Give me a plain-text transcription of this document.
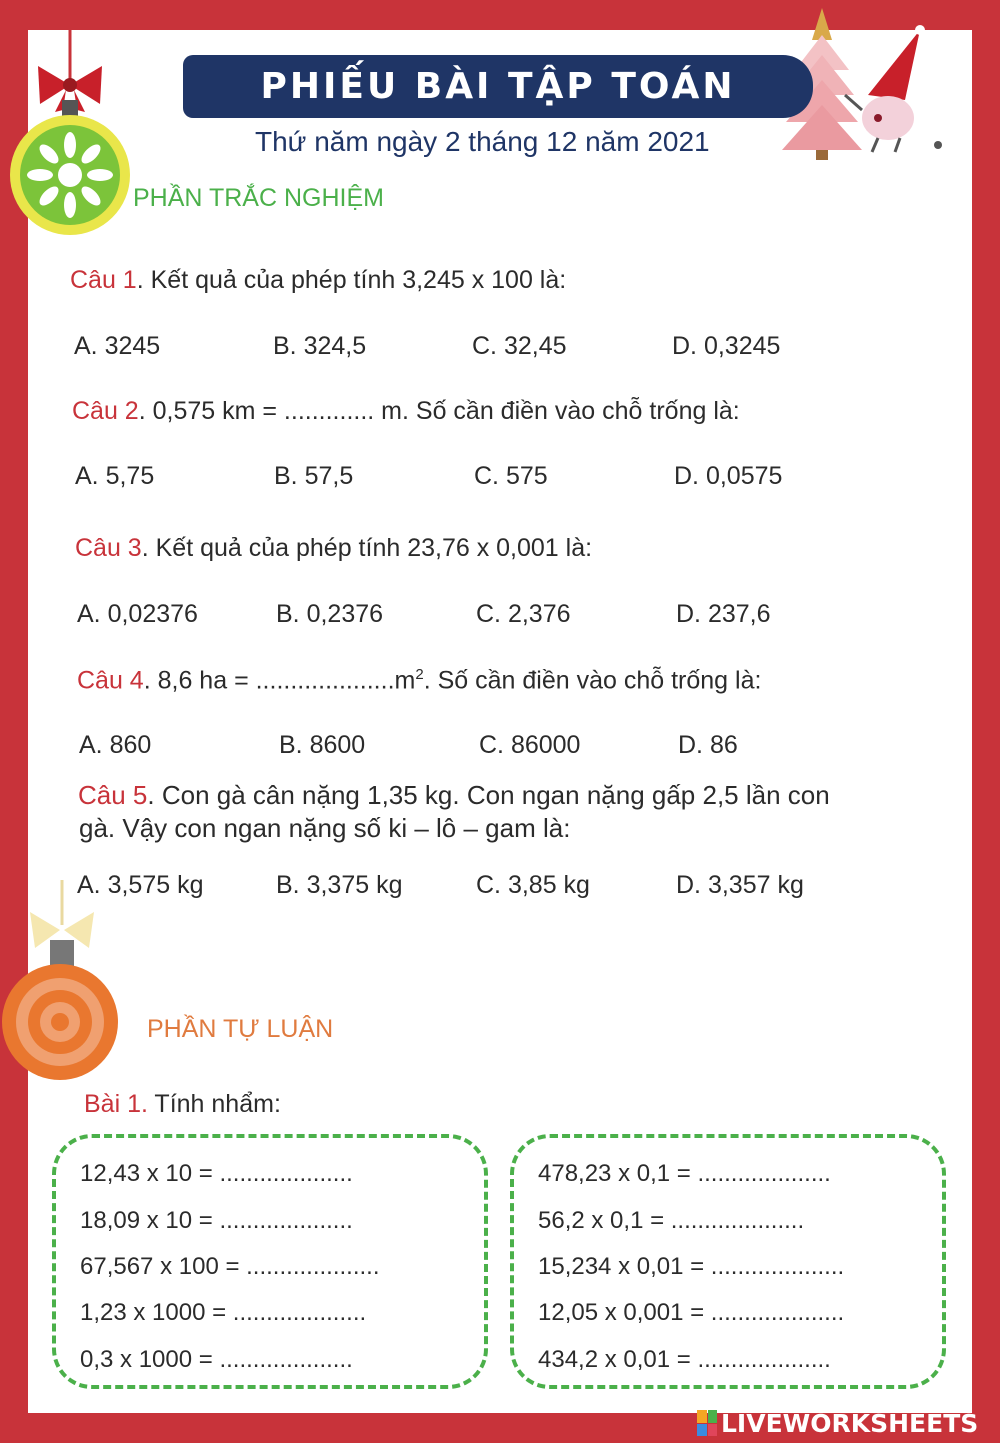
PHIẾU BÀI TẬP TOÁN
Thứ năm ngày 2 tháng 12 năm 2021
PHẦN TRẮC NGHIỆM
Câu 1. Kết quả của phép tính 3,245 x 100 là:
A. 3245	B. 324,5	C. 32,45	D. 0,3245
Câu 2. 0,575 km = ............. m. Số cần điền vào chỗ trống là:
A. 5,75	B. 57,5	C. 575	D. 0,0575
Câu 3. Kết quả của phép tính 23,76 x 0,001 là:
A. 0,02376	B. 0,2376	C. 2,376	D. 237,6
Câu 4. 8,6 ha = $....................m^2$. Số cần điền vào chỗ trống là:
A. 860	B. 8600	C. 86000	D. 86
Câu 5. Con gà cân nặng 1,35 kg. Con ngan nặng gấp 2,5 lần con
gà. Vậy con ngan nặng số ki – lô – gam là:
A. 3,575 kg	B. 3,375 kg	C. 3,85 kg	D. 3,357 kg
PHẦN TỰ LUẬN
Bài 1. Tính nhẩm:
12,43 x 10 = ....................
18,09 x 10 = ....................
67,567 x 100 = ....................
1,23 x 1000 = ....................
0,3 x 1000 = ....................
478,23 x 0,1 = ....................
56,2 x 0,1 = ....................
15,234 x 0,01 = ....................
12,05 x 0,001 = ....................
434,2 x 0,01 = ....................
LIVEWORKSHEETS
